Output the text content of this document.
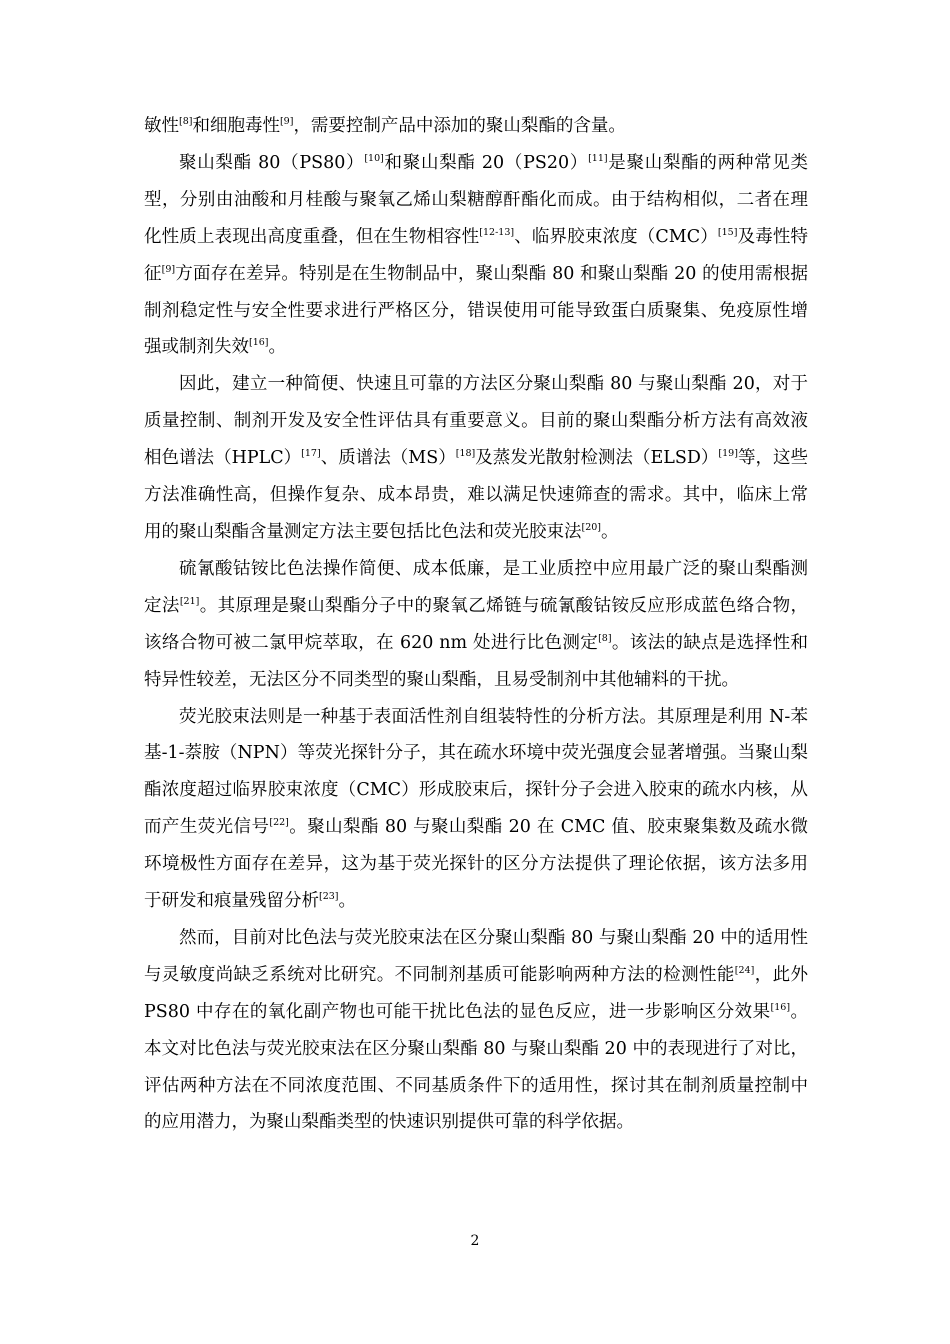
敏性[8]和细胞毒性[9]，需要控制产品中添加的聚山梨酯的含量。

聚山梨酯 80（PS80）[10]和聚山梨酯 20（PS20）[11]是聚山梨酯的两种常见类型，分别由油酸和月桂酸与聚氧乙烯山梨糖醇酐酯化而成。由于结构相似，二者在理化性质上表现出高度重叠，但在生物相容性[12-13]、临界胶束浓度（CMC）[15]及毒性特征[9]方面存在差异。特别是在生物制品中，聚山梨酯 80 和聚山梨酯 20 的使用需根据制剂稳定性与安全性要求进行严格区分，错误使用可能导致蛋白质聚集、免疫原性增强或制剂失效[16]。

因此，建立一种简便、快速且可靠的方法区分聚山梨酯 80 与聚山梨酯 20，对于质量控制、制剂开发及安全性评估具有重要意义。目前的聚山梨酯分析方法有高效液相色谱法（HPLC）[17]、质谱法（MS）[18]及蒸发光散射检测法（ELSD）[19]等，这些方法准确性高，但操作复杂、成本昂贵，难以满足快速筛查的需求。其中，临床上常用的聚山梨酯含量测定方法主要包括比色法和荧光胶束法[20]。

硫氰酸钴铵比色法操作简便、成本低廉，是工业质控中应用最广泛的聚山梨酯测定法[21]。其原理是聚山梨酯分子中的聚氧乙烯链与硫氰酸钴铵反应形成蓝色络合物，该络合物可被二氯甲烷萃取，在 620 nm 处进行比色测定[8]。该法的缺点是选择性和特异性较差，无法区分不同类型的聚山梨酯，且易受制剂中其他辅料的干扰。

荧光胶束法则是一种基于表面活性剂自组装特性的分析方法。其原理是利用 N-苯基-1-萘胺（NPN）等荧光探针分子，其在疏水环境中荧光强度会显著增强。当聚山梨酯浓度超过临界胶束浓度（CMC）形成胶束后，探针分子会进入胶束的疏水内核，从而产生荧光信号[22]。聚山梨酯 80 与聚山梨酯 20 在 CMC 值、胶束聚集数及疏水微环境极性方面存在差异，这为基于荧光探针的区分方法提供了理论依据，该方法多用于研发和痕量残留分析[23]。

然而，目前对比色法与荧光胶束法在区分聚山梨酯 80 与聚山梨酯 20 中的适用性与灵敏度尚缺乏系统对比研究。不同制剂基质可能影响两种方法的检测性能[24]，此外 PS80 中存在的氧化副产物也可能干扰比色法的显色反应，进一步影响区分效果[16]。本文对比色法与荧光胶束法在区分聚山梨酯 80 与聚山梨酯 20 中的表现进行了对比，评估两种方法在不同浓度范围、不同基质条件下的适用性，探讨其在制剂质量控制中的应用潜力，为聚山梨酯类型的快速识别提供可靠的科学依据。

2
